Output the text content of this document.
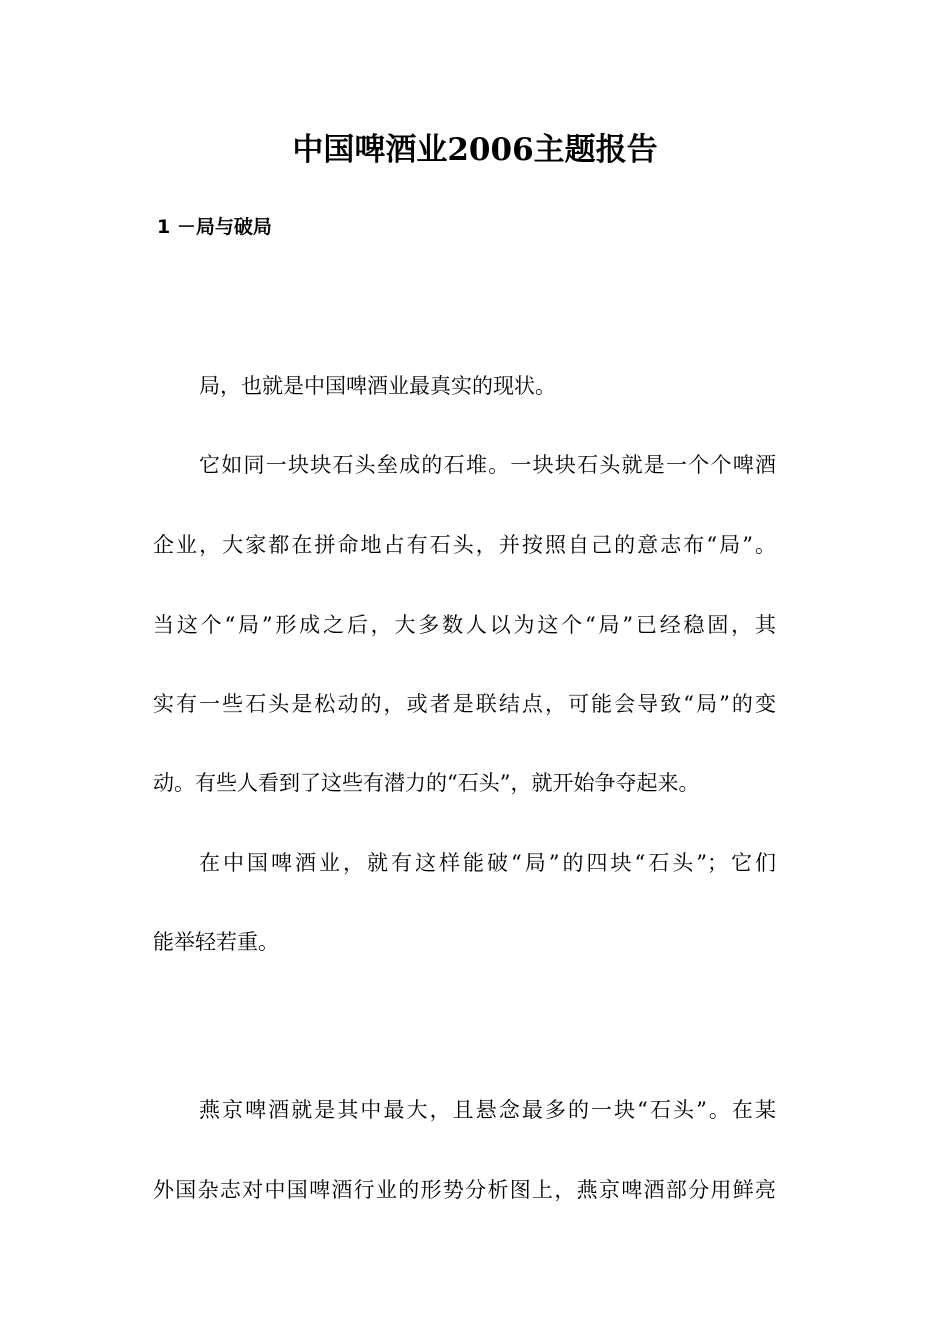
中国啤酒业2006主题报告
1 －局与破局

局，也就是中国啤酒业最真实的现状。

它如同一块块石头垒成的石堆。一块块石头就是一个个啤酒

企业，大家都在拼命地占有石头，并按照自己的意志布“局”。

当这个“局”形成之后，大多数人以为这个“局”已经稳固，其

实有一些石头是松动的，或者是联结点，可能会导致“局”的变

动。有些人看到了这些有潜力的“石头”，就开始争夺起来。

在中国啤酒业，就有这样能破“局”的四块“石头”；它们

能举轻若重。

燕京啤酒就是其中最大，且悬念最多的一块“石头”。在某

外国杂志对中国啤酒行业的形势分析图上，燕京啤酒部分用鲜亮
